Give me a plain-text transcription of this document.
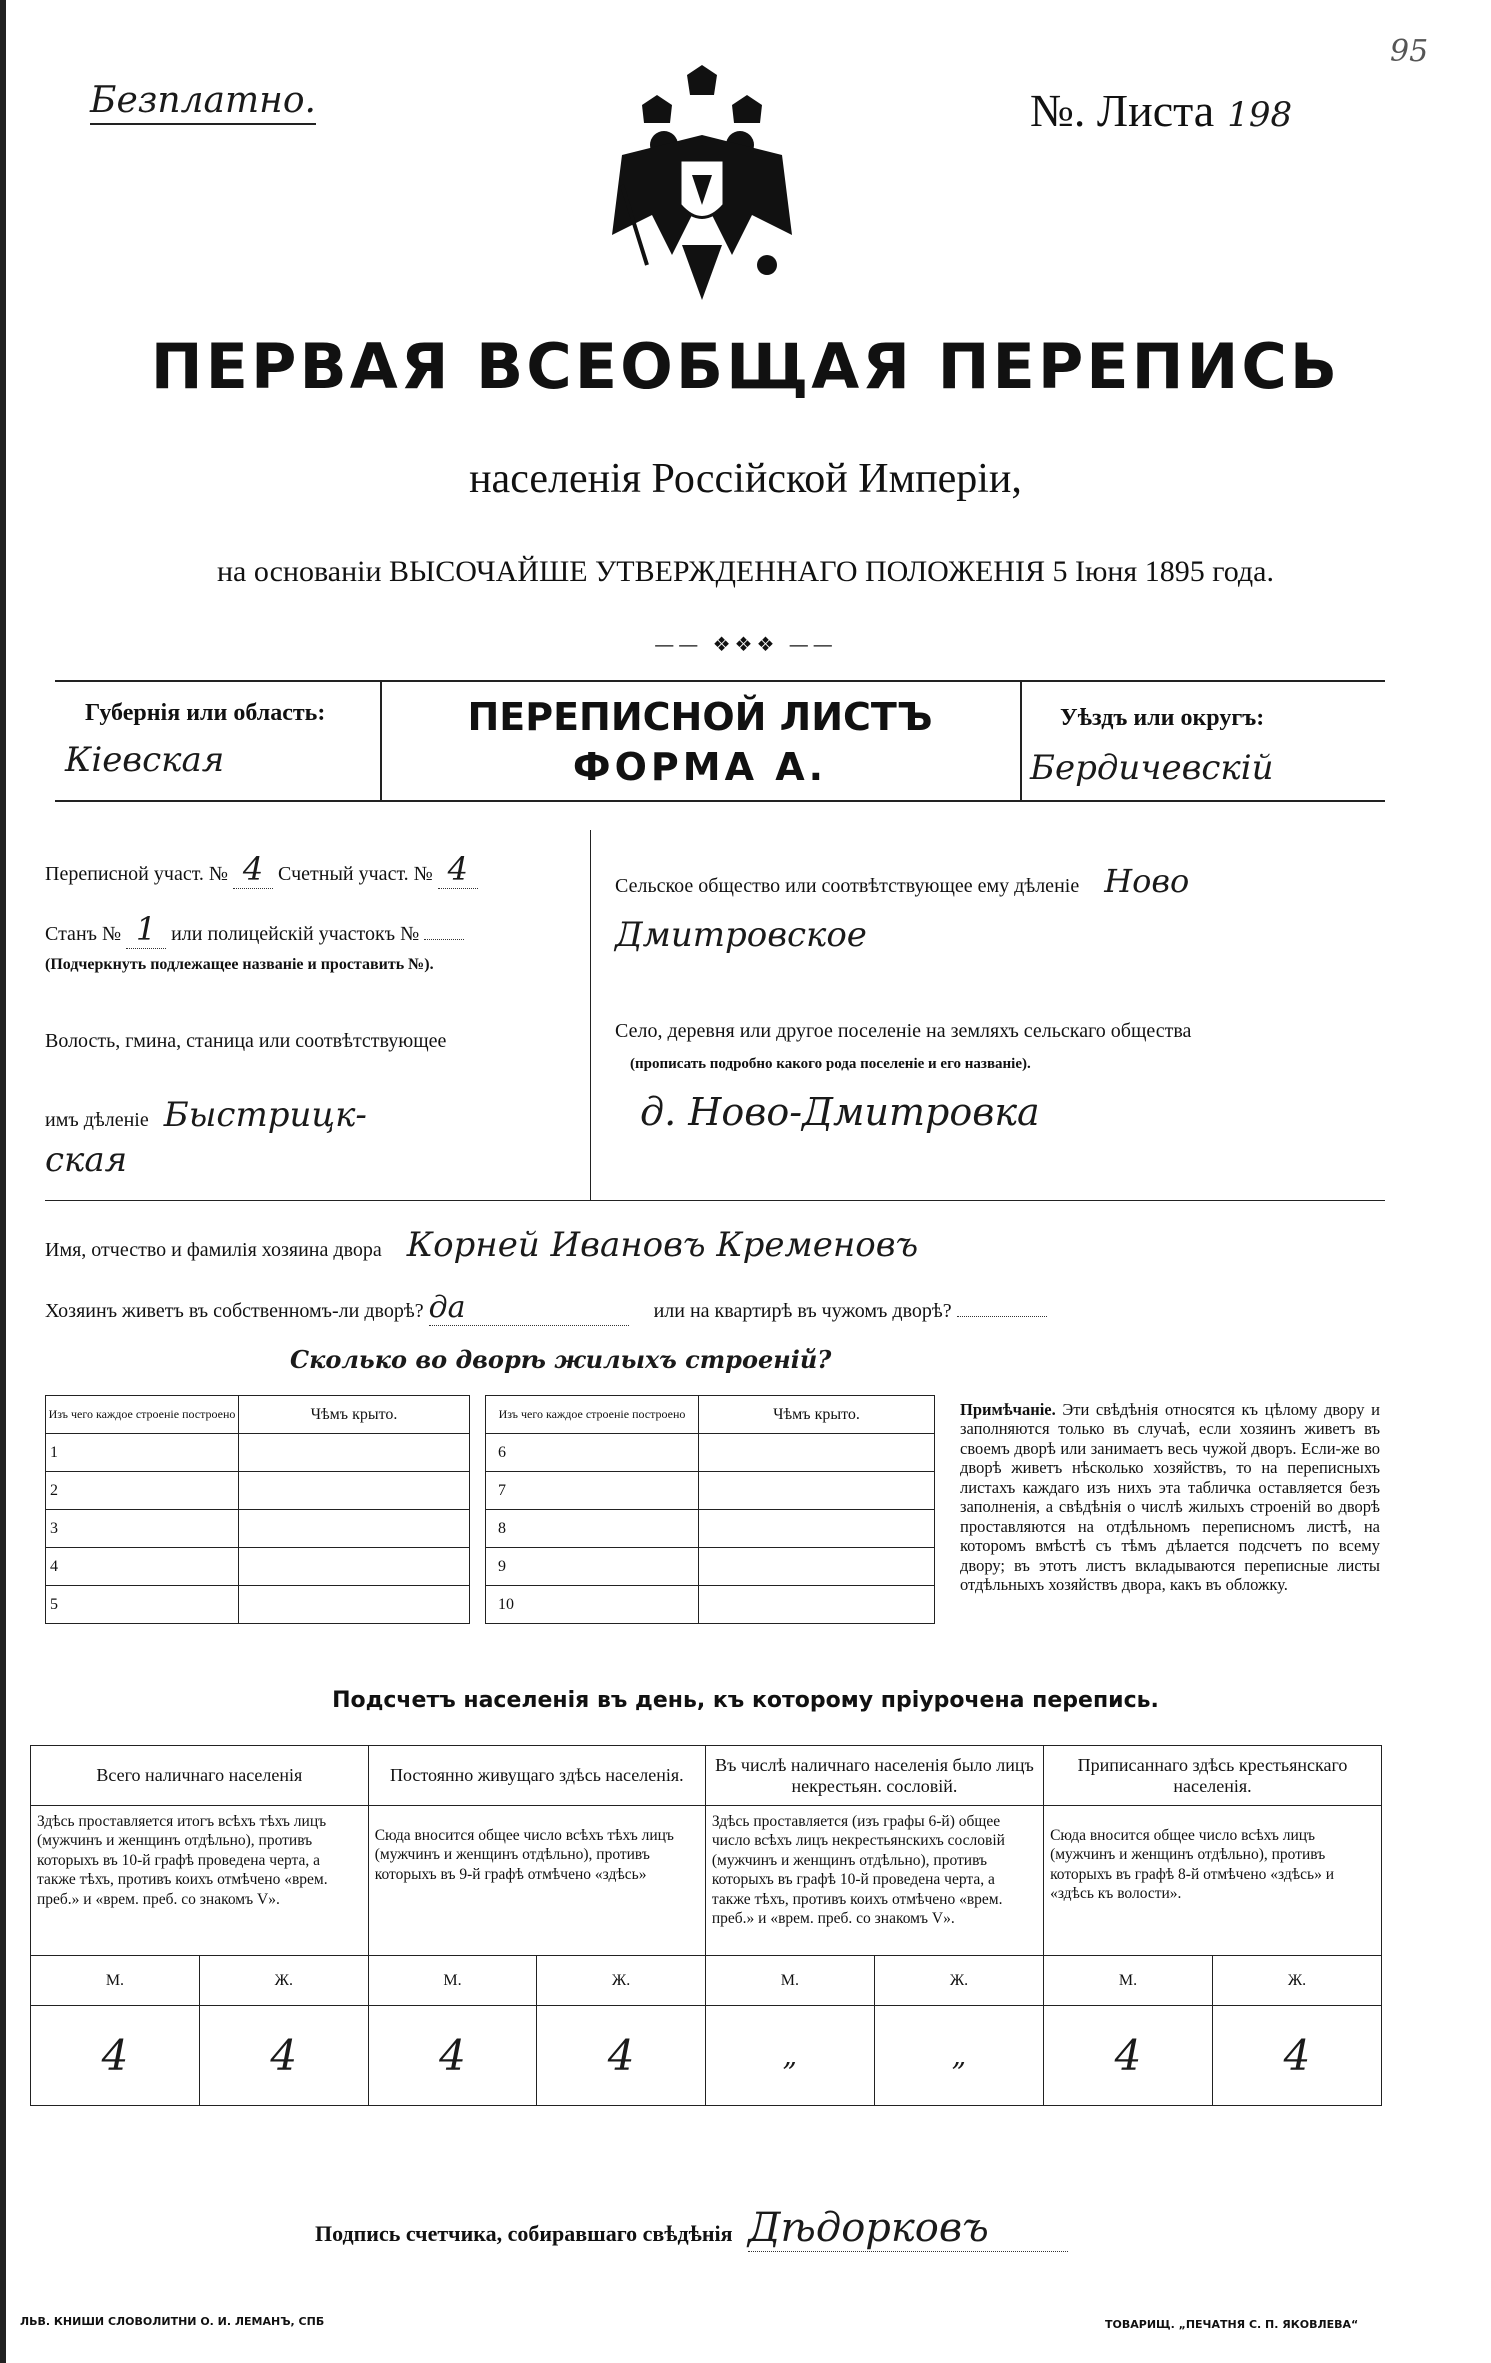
Безплатно.	№. Листа 198
95
ПЕРВАЯ ВСЕОБЩАЯ ПЕРЕПИСЬ
населенія Россійской Имперіи,
на основаніи ВЫСОЧАЙШЕ УТВЕРЖДЕННАГО ПОЛОЖЕНІЯ 5 Іюня 1895 года.
—— ❖❖❖ ——
Губернія или область:
Кіевская
ПЕРЕПИСНОЙ ЛИСТЪ
ФОРМА А.
Уѣздъ или округъ:
Бердичевскій
Переписной участ. № 4 Счетный участ. № 4
Станъ № 1 или полицейскій участокъ №
(Подчеркнуть подлежащее названіе и проставить №).
Волость, гмина, станица или соотвѣтствующее
имъ дѣленіе Быстрицк-
ская
Сельское общество или соотвѣтствующее ему дѣленіе Ново
Дмитровское
Село, деревня или другое поселеніе на земляхъ сельскаго общества
(прописать подробно какого рода поселеніе и его названіе).
д. Ново-Дмитровка
Имя, отчество и фамилія хозяина двора Корней Ивановъ Кременовъ
Хозяинъ живетъ въ собственномъ-ли дворѣ? да	или на квартирѣ въ чужомъ дворѣ?
Сколько во дворѣ жилыхъ строеній?
Изъ чего каждое строеніе построено	Чѣмъ крыто.
1	
2	
3	
4	
5	
Изъ чего каждое строеніе построено	Чѣмъ крыто.
6	
7	
8	
9	
10	
Примѣчаніе. Эти свѣдѣнія относятся къ цѣлому двору и заполняются только въ случаѣ, если хозяинъ живетъ въ своемъ дворѣ или занимаетъ весь чужой дворъ. Если-же во дворѣ живетъ нѣсколько хозяйствъ, то на переписныхъ листахъ каждаго изъ нихъ эта табличка оставляется безъ заполненія, а свѣдѣнія о числѣ жилыхъ строеній во дворѣ проставляются на отдѣльномъ переписномъ листѣ, на которомъ вмѣстѣ съ тѣмъ дѣлается подсчетъ по всему двору; въ этотъ листъ вкладываются переписные листы отдѣльныхъ хозяйствъ двора, какъ въ обложку.
Подсчетъ населенія въ день, къ которому пріурочена перепись.
Всего наличнаго населенія		Постоянно живущаго здѣсь населенія.		Въ числѣ наличнаго населенія было лицъ некрестьян. сословій.		Приписаннаго здѣсь крестьянскаго населенія.	
Здѣсь проставляется итогъ всѣхъ тѣхъ лицъ (мужчинъ и женщинъ отдѣльно), противъ которыхъ въ 10-й графѣ проведена черта, а также тѣхъ, противъ коихъ отмѣчено «врем. преб.» и «врем. преб. со знакомъ V».		Сюда вносится общее число всѣхъ тѣхъ лицъ (мужчинъ и женщинъ отдѣльно), противъ которыхъ въ 9-й графѣ отмѣчено «здѣсь»		Здѣсь проставляется (изъ графы 6-й) общее число всѣхъ лицъ некрестьянскихъ сословій (мужчинъ и женщинъ отдѣльно), противъ которыхъ въ графѣ 10-й проведена черта, а также тѣхъ, противъ коихъ отмѣчено «врем. преб.» и «врем. преб. со знакомъ V».		Сюда вносится общее число всѣхъ лицъ (мужчинъ и женщинъ отдѣльно), противъ которыхъ въ графѣ 8-й отмѣчено «здѣсь» и «здѣсь къ волости».	
М.	Ж.	М.	Ж.	М.	Ж.	М.	Ж.
4	4	4	4	„	„	4	4
Подпись счетчика, собиравшаго свѣдѣнія Дѣдорковъ
ЛЬВ. КНИШИ СЛОВОЛИТНИ О. И. ЛЕМАНЪ, СПБ	ТОВАРИЩ. „ПЕЧАТНЯ С. П. ЯКОВЛЕВА“
